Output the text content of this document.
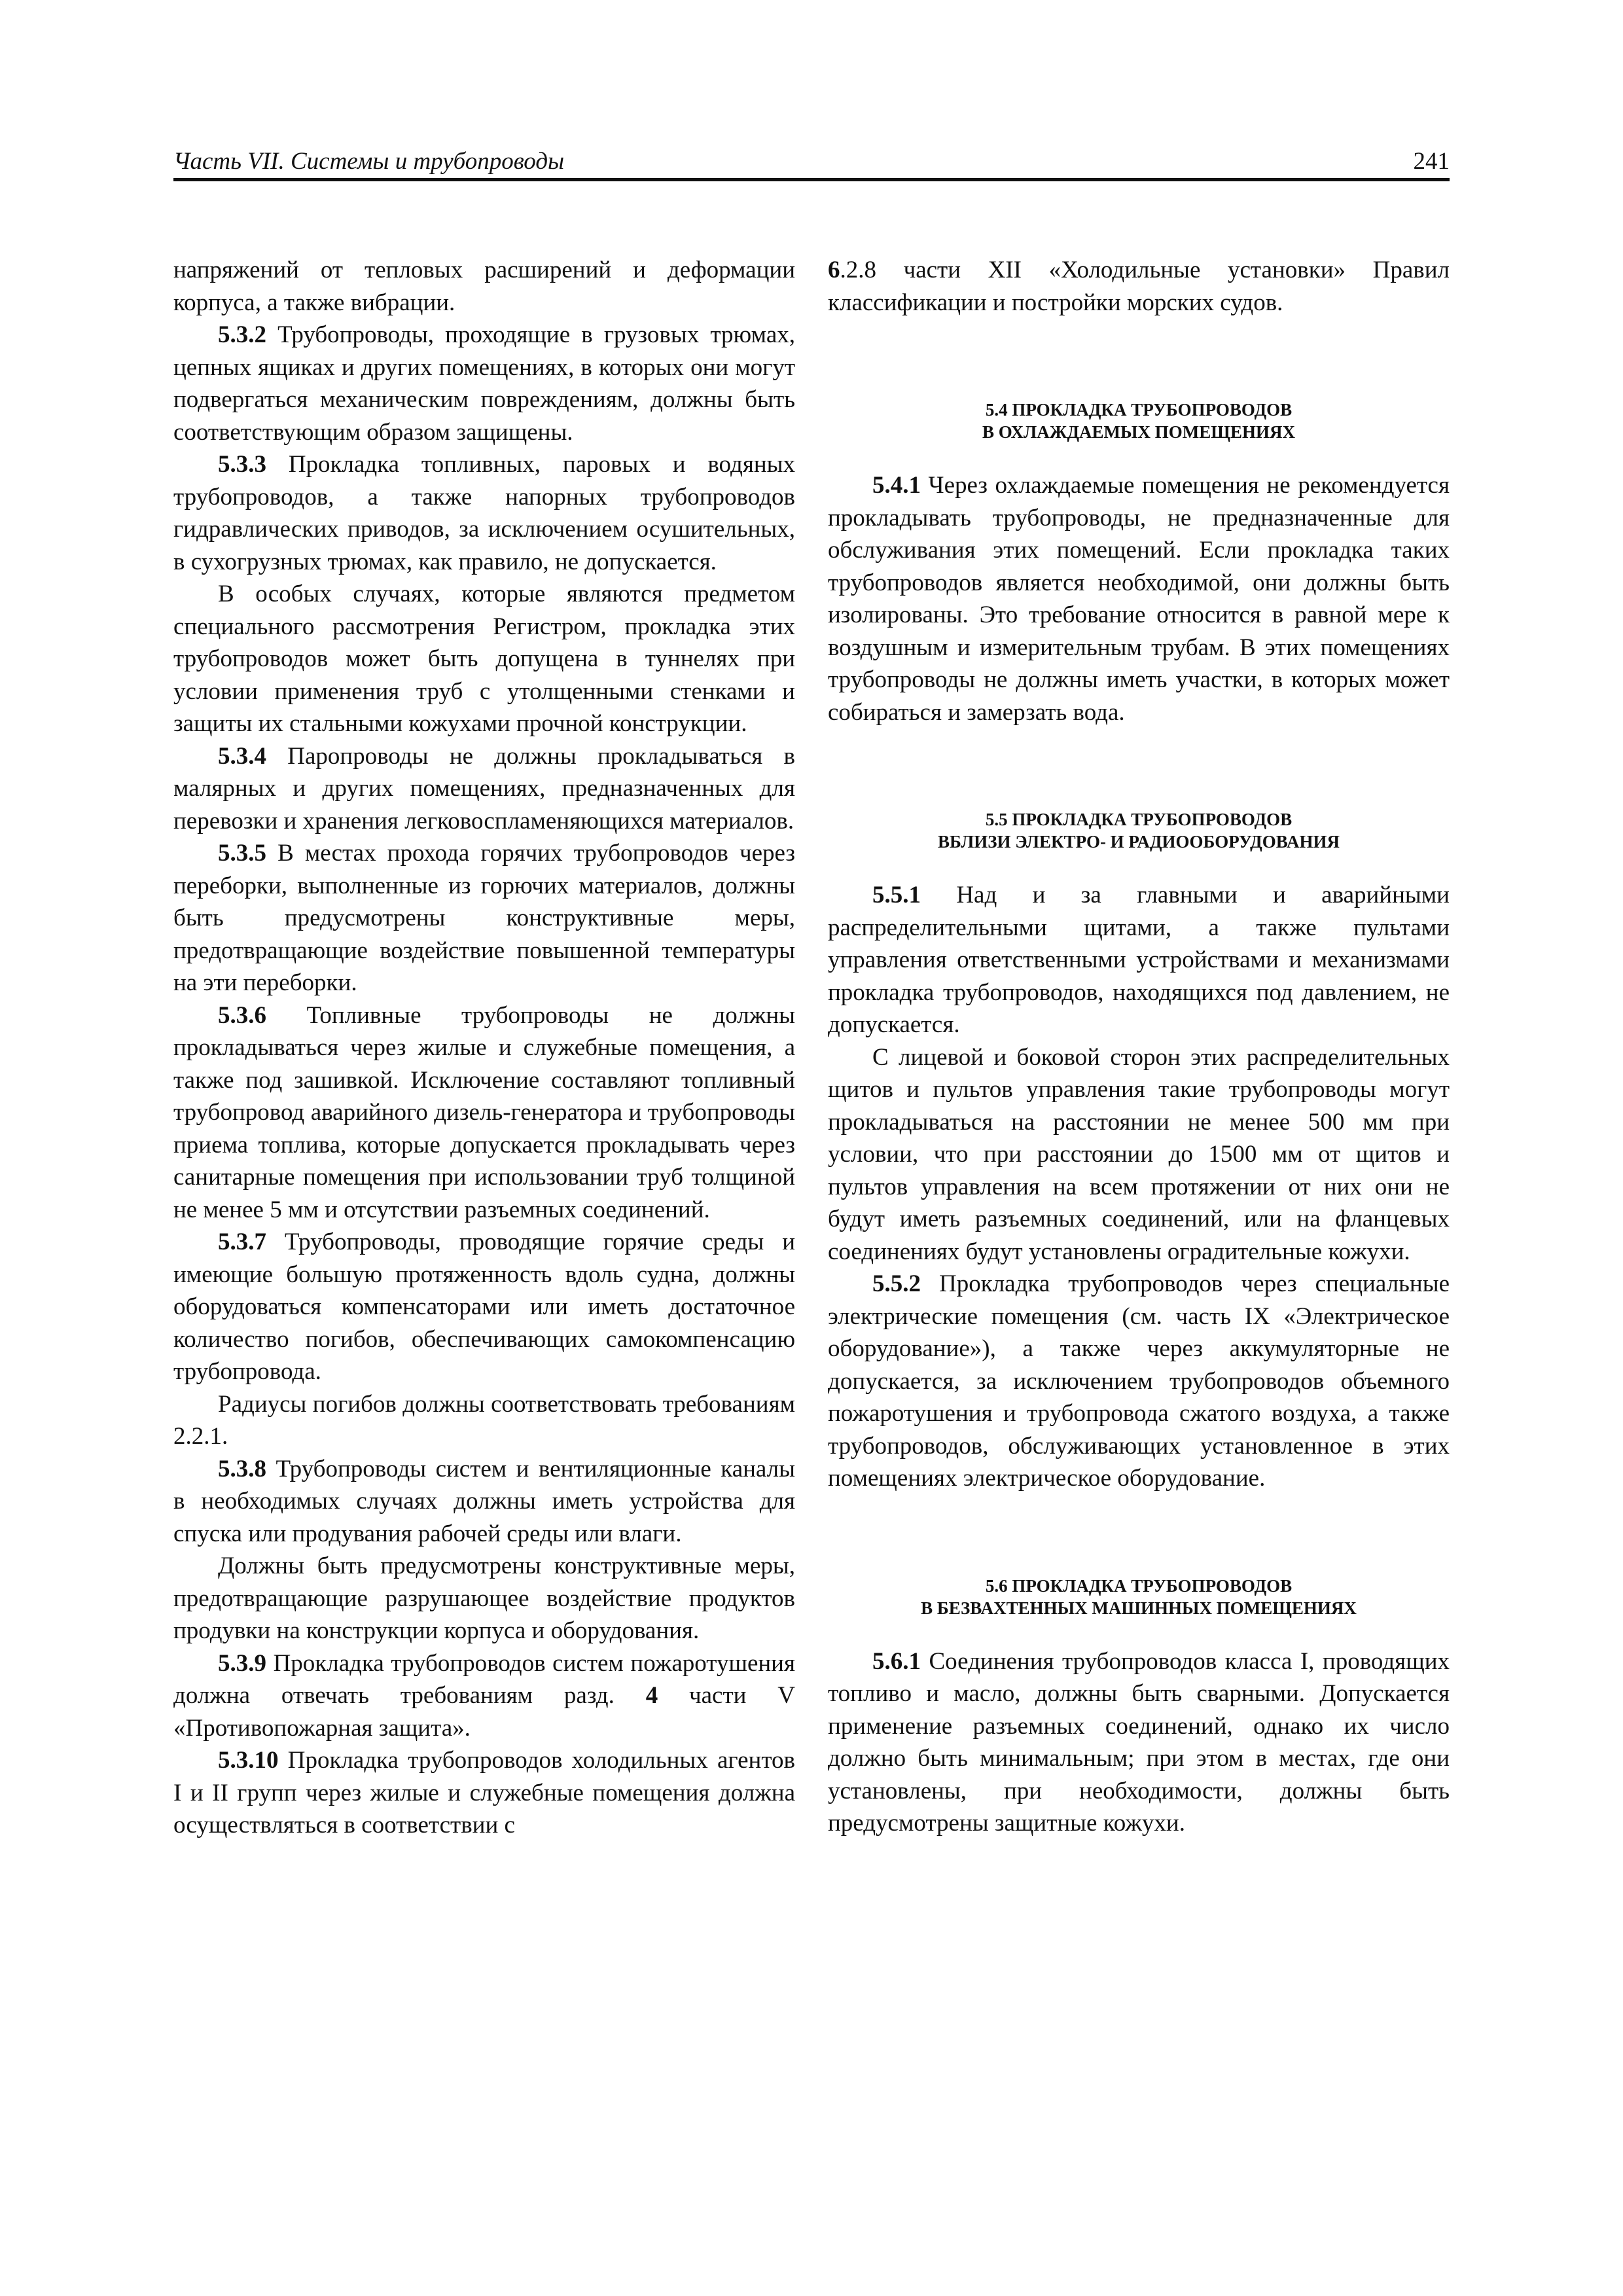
Часть VII. Системы и трубопроводы	241

напряжений от тепловых расширений и деформации корпуса, а также вибрации.

5.3.2 Трубопроводы, проходящие в грузовых трюмах, цепных ящиках и других помещениях, в которых они могут подвергаться механическим повреждениям, должны быть соответствующим образом защищены.

5.3.3 Прокладка топливных, паровых и водяных трубопроводов, а также напорных трубопроводов гидравлических приводов, за исключением осушительных, в сухогрузных трюмах, как правило, не допускается.

В особых случаях, которые являются предметом специального рассмотрения Регистром, прокладка этих трубопроводов может быть допущена в туннелях при условии применения труб с утолщенными стенками и защиты их стальными кожухами прочной конструкции.

5.3.4 Паропроводы не должны прокладываться в малярных и других помещениях, предназначенных для перевозки и хранения легковоспламеняющихся материалов.

5.3.5 В местах прохода горячих трубопроводов через переборки, выполненные из горючих материалов, должны быть предусмотрены конструктивные меры, предотвращающие воздействие повышенной температуры на эти переборки.

5.3.6 Топливные трубопроводы не должны прокладываться через жилые и служебные помещения, а также под зашивкой. Исключение составляют топливный трубопровод аварийного дизель-генератора и трубопроводы приема топлива, которые допускается прокладывать через санитарные помещения при использовании труб толщиной не менее 5 мм и отсутствии разъемных соединений.

5.3.7 Трубопроводы, проводящие горячие среды и имеющие большую протяженность вдоль судна, должны оборудоваться компенсаторами или иметь достаточное количество погибов, обеспечивающих самокомпенсацию трубопровода.

Радиусы погибов должны соответствовать требованиям 2.2.1.

5.3.8 Трубопроводы систем и вентиляционные каналы в необходимых случаях должны иметь устройства для спуска или продувания рабочей среды или влаги.

Должны быть предусмотрены конструктивные меры, предотвращающие разрушающее воздействие продуктов продувки на конструкции корпуса и оборудования.

5.3.9 Прокладка трубопроводов систем пожаротушения должна отвечать требованиям разд. 4 части V «Противопожарная защита».

5.3.10 Прокладка трубопроводов холодильных агентов I и II групп через жилые и служебные помещения должна осуществляться в соответствии с

6.2.8 части XII «Холодильные установки» Правил классификации и постройки морских судов.

5.4 ПРОКЛАДКА ТРУБОПРОВОДОВ
В ОХЛАЖДАЕМЫХ ПОМЕЩЕНИЯХ

5.4.1 Через охлаждаемые помещения не рекомендуется прокладывать трубопроводы, не предназначенные для обслуживания этих помещений. Если прокладка таких трубопроводов является необходимой, они должны быть изолированы. Это требование относится в равной мере к воздушным и измерительным трубам. В этих помещениях трубопроводы не должны иметь участки, в которых может собираться и замерзать вода.

5.5 ПРОКЛАДКА ТРУБОПРОВОДОВ
ВБЛИЗИ ЭЛЕКТРО- И РАДИООБОРУДОВАНИЯ

5.5.1 Над и за главными и аварийными распределительными щитами, а также пультами управления ответственными устройствами и механизмами прокладка трубопроводов, находящихся под давлением, не допускается.

С лицевой и боковой сторон этих распределительных щитов и пультов управления такие трубопроводы могут прокладываться на расстоянии не менее 500 мм при условии, что при расстоянии до 1500 мм от щитов и пультов управления на всем протяжении от них они не будут иметь разъемных соединений, или на фланцевых соединениях будут установлены оградительные кожухи.

5.5.2 Прокладка трубопроводов через специальные электрические помещения (см. часть IX «Электрическое оборудование»), а также через аккумуляторные не допускается, за исключением трубопроводов объемного пожаротушения и трубопровода сжатого воздуха, а также трубопроводов, обслуживающих установленное в этих помещениях электрическое оборудование.

5.6 ПРОКЛАДКА ТРУБОПРОВОДОВ
В БЕЗВАХТЕННЫХ МАШИННЫХ ПОМЕЩЕНИЯХ

5.6.1 Соединения трубопроводов класса I, проводящих топливо и масло, должны быть сварными. Допускается применение разъемных соединений, однако их число должно быть минимальным; при этом в местах, где они установлены, при необходимости, должны быть предусмотрены защитные кожухи.
